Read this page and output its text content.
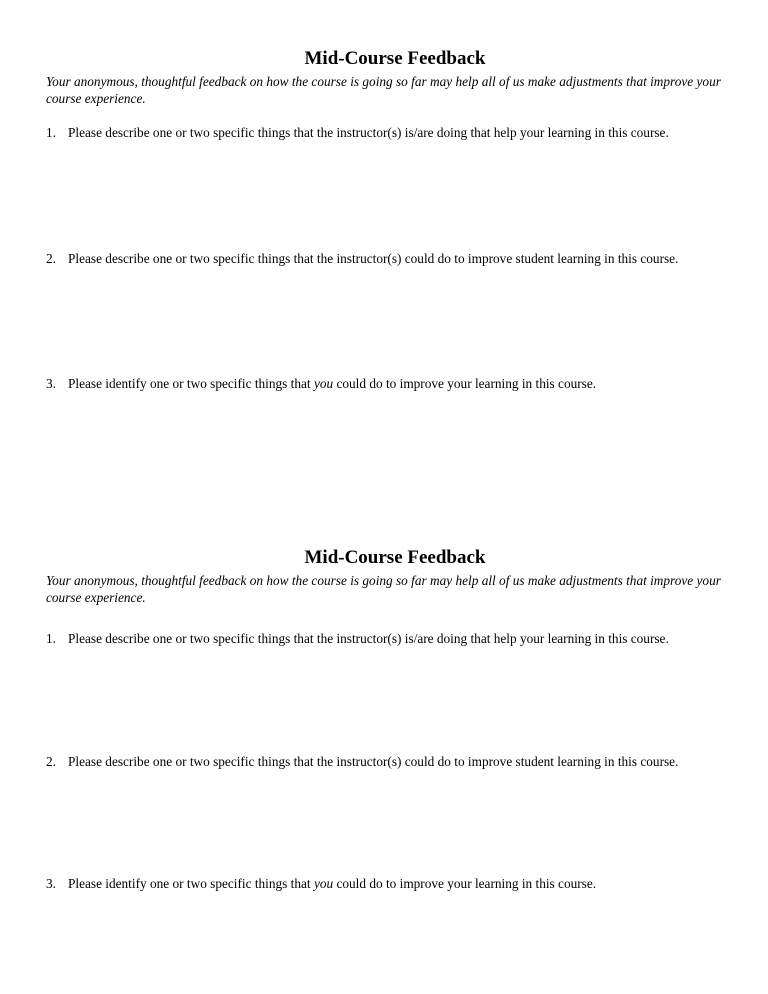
Mid-Course Feedback

Your anonymous, thoughtful feedback on how the course is going so far may help all of us make adjustments that improve your course experience.

1. Please describe one or two specific things that the instructor(s) is/are doing that help your learning in this course.
2. Please describe one or two specific things that the instructor(s) could do to improve student learning in this course.
3. Please identify one or two specific things that you could do to improve your learning in this course.
Mid-Course Feedback

Your anonymous, thoughtful feedback on how the course is going so far may help all of us make adjustments that improve your course experience.

1. Please describe one or two specific things that the instructor(s) is/are doing that help your learning in this course.
2. Please describe one or two specific things that the instructor(s) could do to improve student learning in this course.
3. Please identify one or two specific things that you could do to improve your learning in this course.
